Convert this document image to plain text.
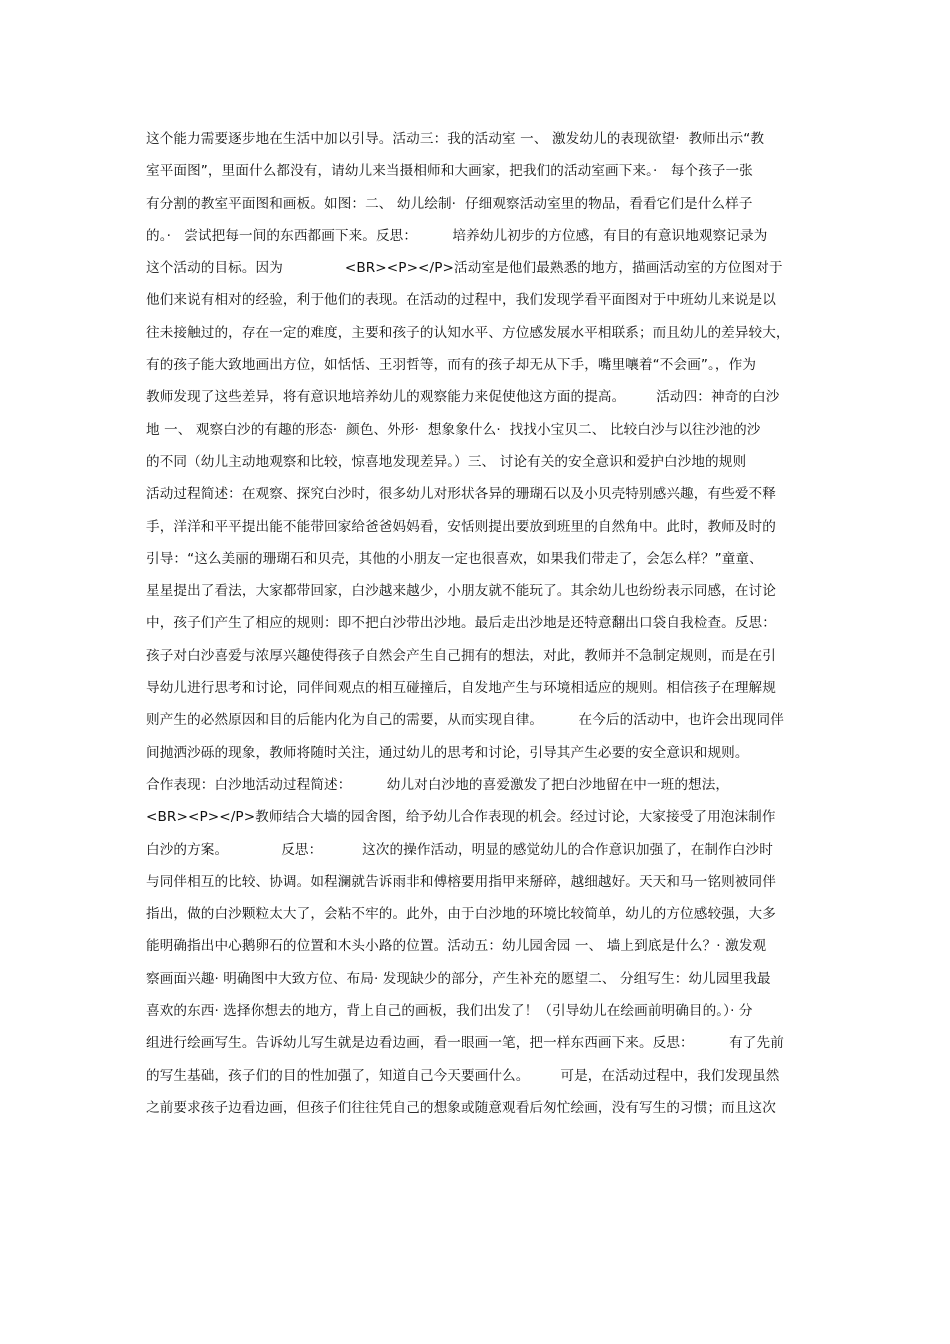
这个能力需要逐步地在生活中加以引导。活动三：我的活动室 一、 激发幼儿的表现欲望·  教师出示“教
室平面图”，里面什么都没有，请幼儿来当摄相师和大画家，把我们的活动室画下来。·   每个孩子一张
有分割的教室平面图和画板。如图：二、 幼儿绘制·  仔细观察活动室里的物品，看看它们是什么样子
的。·   尝试把每一间的东西都画下来。反思：        培养幼儿初步的方位感，有目的有意识地观察记录为
这个活动的目标。因为              <BR><P></P>活动室是他们最熟悉的地方，描画活动室的方位图对于
他们来说有相对的经验，利于他们的表现。在活动的过程中，我们发现学看平面图对于中班幼儿来说是以
往未接触过的，存在一定的难度，主要和孩子的认知水平、方位感发展水平相联系；而且幼儿的差异较大，
有的孩子能大致地画出方位，如恬恬、王羽哲等，而有的孩子却无从下手，嘴里嚷着“不会画”。，作为
教师发现了这些差异，将有意识地培养幼儿的观察能力来促使他这方面的提高。       活动四：神奇的白沙
地 一、 观察白沙的有趣的形态·  颜色、外形·  想象象什么·  找找小宝贝二、 比较白沙与以往沙池的沙
的不同（幼儿主动地观察和比较，惊喜地发现差异。）三、 讨论有关的安全意识和爱护白沙地的规则
活动过程简述：在观察、探究白沙时，很多幼儿对形状各异的珊瑚石以及小贝壳特别感兴趣，有些爱不释
手，洋洋和平平提出能不能带回家给爸爸妈妈看，安恬则提出要放到班里的自然角中。此时，教师及时的
引导：“这么美丽的珊瑚石和贝壳，其他的小朋友一定也很喜欢，如果我们带走了，会怎么样？”童童、
星星提出了看法，大家都带回家，白沙越来越少，小朋友就不能玩了。其余幼儿也纷纷表示同感，在讨论
中，孩子们产生了相应的规则：即不把白沙带出沙地。最后走出沙地是还特意翻出口袋自我检查。反思：
孩子对白沙喜爱与浓厚兴趣使得孩子自然会产生自己拥有的想法，对此，教师并不急制定规则，而是在引
导幼儿进行思考和讨论，同伴间观点的相互碰撞后，自发地产生与环境相适应的规则。相信孩子在理解规
则产生的必然原因和目的后能内化为自己的需要，从而实现自律。        在今后的活动中，也许会出现同伴
间抛洒沙砾的现象，教师将随时关注，通过幼儿的思考和讨论，引导其产生必要的安全意识和规则。
合作表现：白沙地活动过程简述：        幼儿对白沙地的喜爱激发了把白沙地留在中一班的想法，
<BR><P></P>教师结合大墙的园舍图，给予幼儿合作表现的机会。经过讨论，大家接受了用泡沫制作
白沙的方案。            反思：         这次的操作活动，明显的感觉幼儿的合作意识加强了，在制作白沙时
与同伴相互的比较、协调。如程澜就告诉雨非和傅榕要用指甲来掰碎，越细越好。天天和马一铭则被同伴
指出，做的白沙颗粒太大了，会粘不牢的。此外，由于白沙地的环境比较简单，幼儿的方位感较强，大多
能明确指出中心鹅卵石的位置和木头小路的位置。活动五：幼儿园舍园 一、 墙上到底是什么？· 激发观
察画面兴趣· 明确图中大致方位、布局· 发现缺少的部分，产生补充的愿望二、 分组写生：幼儿园里我最
喜欢的东西· 选择你想去的地方，背上自己的画板，我们出发了！（引导幼儿在绘画前明确目的。）· 分
组进行绘画写生。告诉幼儿写生就是边看边画，看一眼画一笔，把一样东西画下来。反思：        有了先前
的写生基础，孩子们的目的性加强了，知道自己今天要画什么。       可是，在活动过程中，我们发现虽然
之前要求孩子边看边画，但孩子们往往凭自己的想象或随意观看后匆忙绘画，没有写生的习惯；而且这次
